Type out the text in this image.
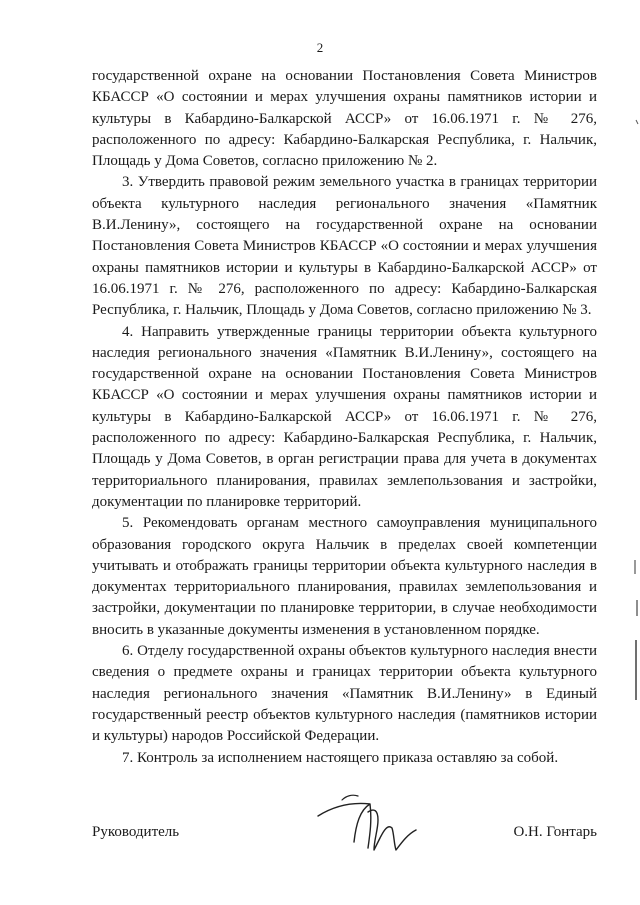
2

государственной охране на основании Постановления Совета Министров КБАССР «О состоянии и мерах улучшения охраны памятников истории и культуры в Кабардино-Балкарской АССР» от 16.06.1971 г. № 276, расположенного по адресу: Кабардино-Балкарская Республика, г. Нальчик, Площадь у Дома Советов, согласно приложению № 2.

3. Утвердить правовой режим земельного участка в границах территории объекта культурного наследия регионального значения «Памятник В.И.Ленину», состоящего на государственной охране на основании Постановления Совета Министров КБАССР «О состоянии и мерах улучшения охраны памятников истории и культуры в Кабардино-Балкарской АССР» от 16.06.1971 г. № 276, расположенного по адресу: Кабардино-Балкарская Республика, г. Нальчик, Площадь у Дома Советов, согласно приложению № 3.

4. Направить утвержденные границы территории объекта культурного наследия регионального значения «Памятник В.И.Ленину», состоящего на государственной охране на основании Постановления Совета Министров КБАССР «О состоянии и мерах улучшения охраны памятников истории и культуры в Кабардино-Балкарской АССР» от 16.06.1971 г. № 276, расположенного по адресу: Кабардино-Балкарская Республика, г. Нальчик, Площадь у Дома Советов, в орган регистрации права для учета в документах территориального планирования, правилах землепользования и застройки, документации по планировке территорий.

5. Рекомендовать органам местного самоуправления муниципального образования городского округа Нальчик в пределах своей компетенции учитывать и отображать границы территории объекта культурного наследия в документах территориального планирования, правилах землепользования и застройки, документации по планировке территории, в случае необходимости вносить в указанные документы изменения в установленном порядке.

6. Отделу государственной охраны объектов культурного наследия внести сведения о предмете охраны и границах территории объекта культурного наследия регионального значения «Памятник В.И.Ленину» в Единый государственный реестр объектов культурного наследия (памятников истории и культуры) народов Российской Федерации.

7. Контроль за исполнением настоящего приказа оставляю за собой.

Руководитель	О.Н. Гонтарь
